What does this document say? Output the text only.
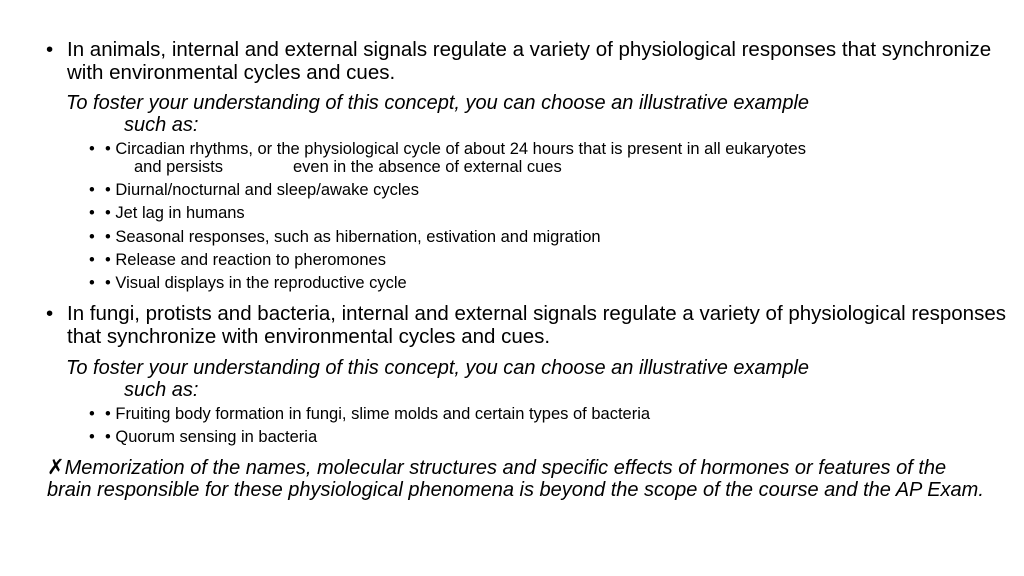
• In animals, internal and external signals regulate a variety of physiological responses that synchronize with environmental cycles and cues.
To foster your understanding of this concept, you can choose an illustrative example
such as:
• • Circadian rhythms, or the physiological cycle of about 24 hours that is present in all eukaryotes
and persists	even in the absence of external cues
• • Diurnal/nocturnal and sleep/awake cycles
• • Jet lag in humans
• • Seasonal responses, such as hibernation, estivation and migration
• • Release and reaction to pheromones
• • Visual displays in the reproductive cycle
• In fungi, protists and bacteria, internal and external signals regulate a variety of physiological responses that synchronize with environmental cycles and cues.
To foster your understanding of this concept, you can choose an illustrative example
such as:
• • Fruiting body formation in fungi, slime molds and certain types of bacteria
• • Quorum sensing in bacteria
✗Memorization of the names, molecular structures and specific effects of hormones or features of the brain responsible for these physiological phenomena is beyond the scope of the course and the AP Exam.
